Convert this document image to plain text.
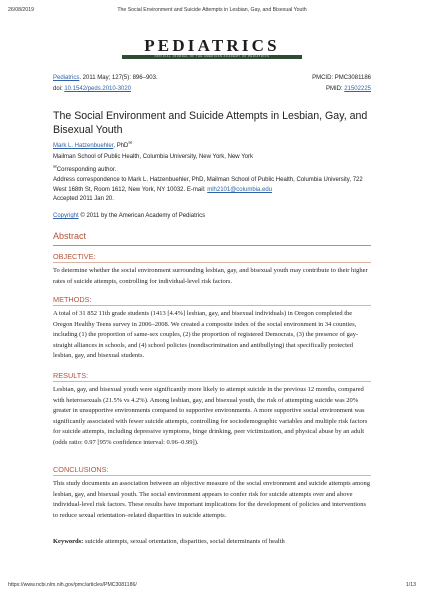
26/08/2019	The Social Environment and Suicide Attempts in Lesbian, Gay, and Bisexual Youth
PEDIATRICS
OFFICIAL JOURNAL OF THE AMERICAN ACADEMY OF PEDIATRICS
Pediatrics. 2011 May; 127(5): 896–903.
doi: 10.1542/peds.2010-3020
PMCID: PMC3081186
PMID: 21502225
The Social Environment and Suicide Attempts in Lesbian, Gay, and Bisexual Youth
Mark L. Hatzenbuehler, PhD✉
Mailman School of Public Health, Columbia University, New York, New York
✉Corresponding author.
Address correspondence to Mark L. Hatzenbuehler, PhD, Mailman School of Public Health, Columbia University, 722 West 168th St, Room 1612, New York, NY 10032. E-mail: mlh2101@columbia.edu
Accepted 2011 Jan 20.
Copyright © 2011 by the American Academy of Pediatrics
Abstract
OBJECTIVE:
To determine whether the social environment surrounding lesbian, gay, and bisexual youth may contribute to their higher rates of suicide attempts, controlling for individual-level risk factors.
METHODS:
A total of 31 852 11th grade students (1413 [4.4%] lesbian, gay, and bisexual individuals) in Oregon completed the Oregon Healthy Teens survey in 2006–2008. We created a composite index of the social environment in 34 counties, including (1) the proportion of same-sex couples, (2) the proportion of registered Democrats, (3) the presence of gay-straight alliances in schools, and (4) school policies (nondiscrimination and antibullying) that specifically protected lesbian, gay, and bisexual students.
RESULTS:
Lesbian, gay, and bisexual youth were significantly more likely to attempt suicide in the previous 12 months, compared with heterosexuals (21.5% vs 4.2%). Among lesbian, gay, and bisexual youth, the risk of attempting suicide was 20% greater in unsupportive environments compared to supportive environments. A more supportive social environment was significantly associated with fewer suicide attempts, controlling for sociodemographic variables and multiple risk factors for suicide attempts, including depressive symptoms, binge drinking, peer victimization, and physical abuse by an adult (odds ratio: 0.97 [95% confidence interval: 0.96–0.99]).
CONCLUSIONS:
This study documents an association between an objective measure of the social environment and suicide attempts among lesbian, gay, and bisexual youth. The social environment appears to confer risk for suicide attempts over and above individual-level risk factors. These results have important implications for the development of policies and interventions to reduce sexual orientation–related disparities in suicide attempts.
Keywords: suicide attempts, sexual orientation, disparities, social determinants of health
https://www.ncbi.nlm.nih.gov/pmc/articles/PMC3081186/	1/13
